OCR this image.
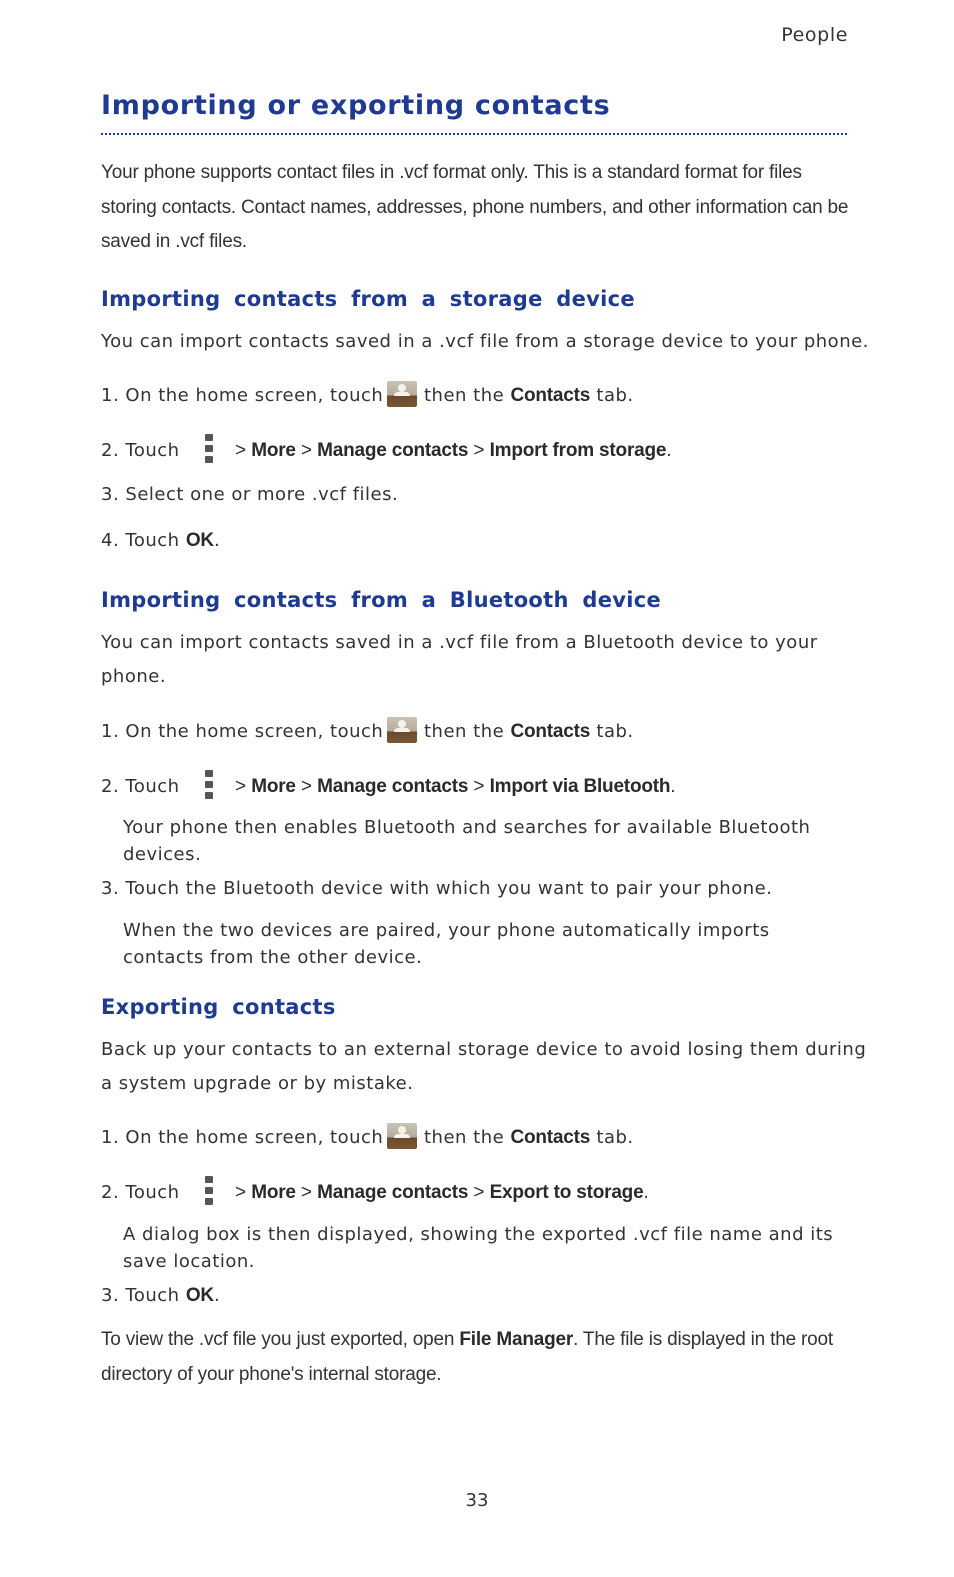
People
Importing or exporting contacts
Your phone supports contact files in .vcf format only. This is a standard format for files storing contacts. Contact names, addresses, phone numbers, and other information can be saved in .vcf files.
Importing contacts from a storage device
You can import contacts saved in a .vcf file from a storage device to your phone.
1. On the home screen, touch then the Contacts tab.
2. Touch	> More > Manage contacts > Import from storage.
3. Select one or more .vcf files.
4. Touch OK.
Importing contacts from a Bluetooth device
You can import contacts saved in a .vcf file from a Bluetooth device to your
phone.
1. On the home screen, touch then the Contacts tab.
2. Touch	> More > Manage contacts > Import via Bluetooth.
Your phone then enables Bluetooth and searches for available Bluetooth devices.
3. Touch the Bluetooth device with which you want to pair your phone.
When the two devices are paired, your phone automatically imports contacts from the other device.
Exporting contacts
Back up your contacts to an external storage device to avoid losing them during
a system upgrade or by mistake.
1. On the home screen, touch then the Contacts tab.
2. Touch	> More > Manage contacts > Export to storage.
A dialog box is then displayed, showing the exported .vcf file name and its save location.
3. Touch OK.
To view the .vcf file you just exported, open File Manager. The file is displayed in the root directory of your phone's internal storage.
33
